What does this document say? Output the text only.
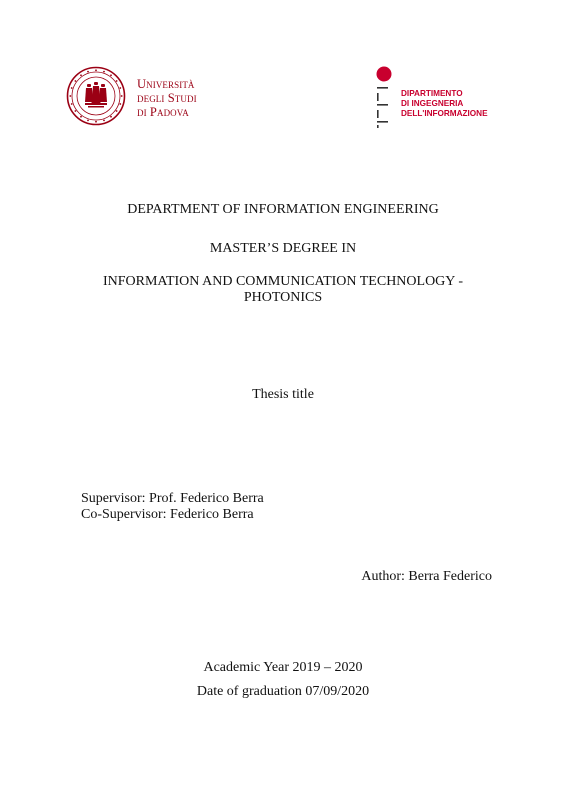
Università
degli Studi
di Padova
DIPARTIMENTO
DI INGEGNERIA
DELL'INFORMAZIONE
DEPARTMENT OF INFORMATION ENGINEERING
MASTER’S DEGREE IN
INFORMATION AND COMMUNICATION TECHNOLOGY -
PHOTONICS
Thesis title
Supervisor: Prof. Federico Berra
Co-Supervisor: Federico Berra
Author: Berra Federico
Academic Year 2019 – 2020
Date of graduation 07/09/2020
